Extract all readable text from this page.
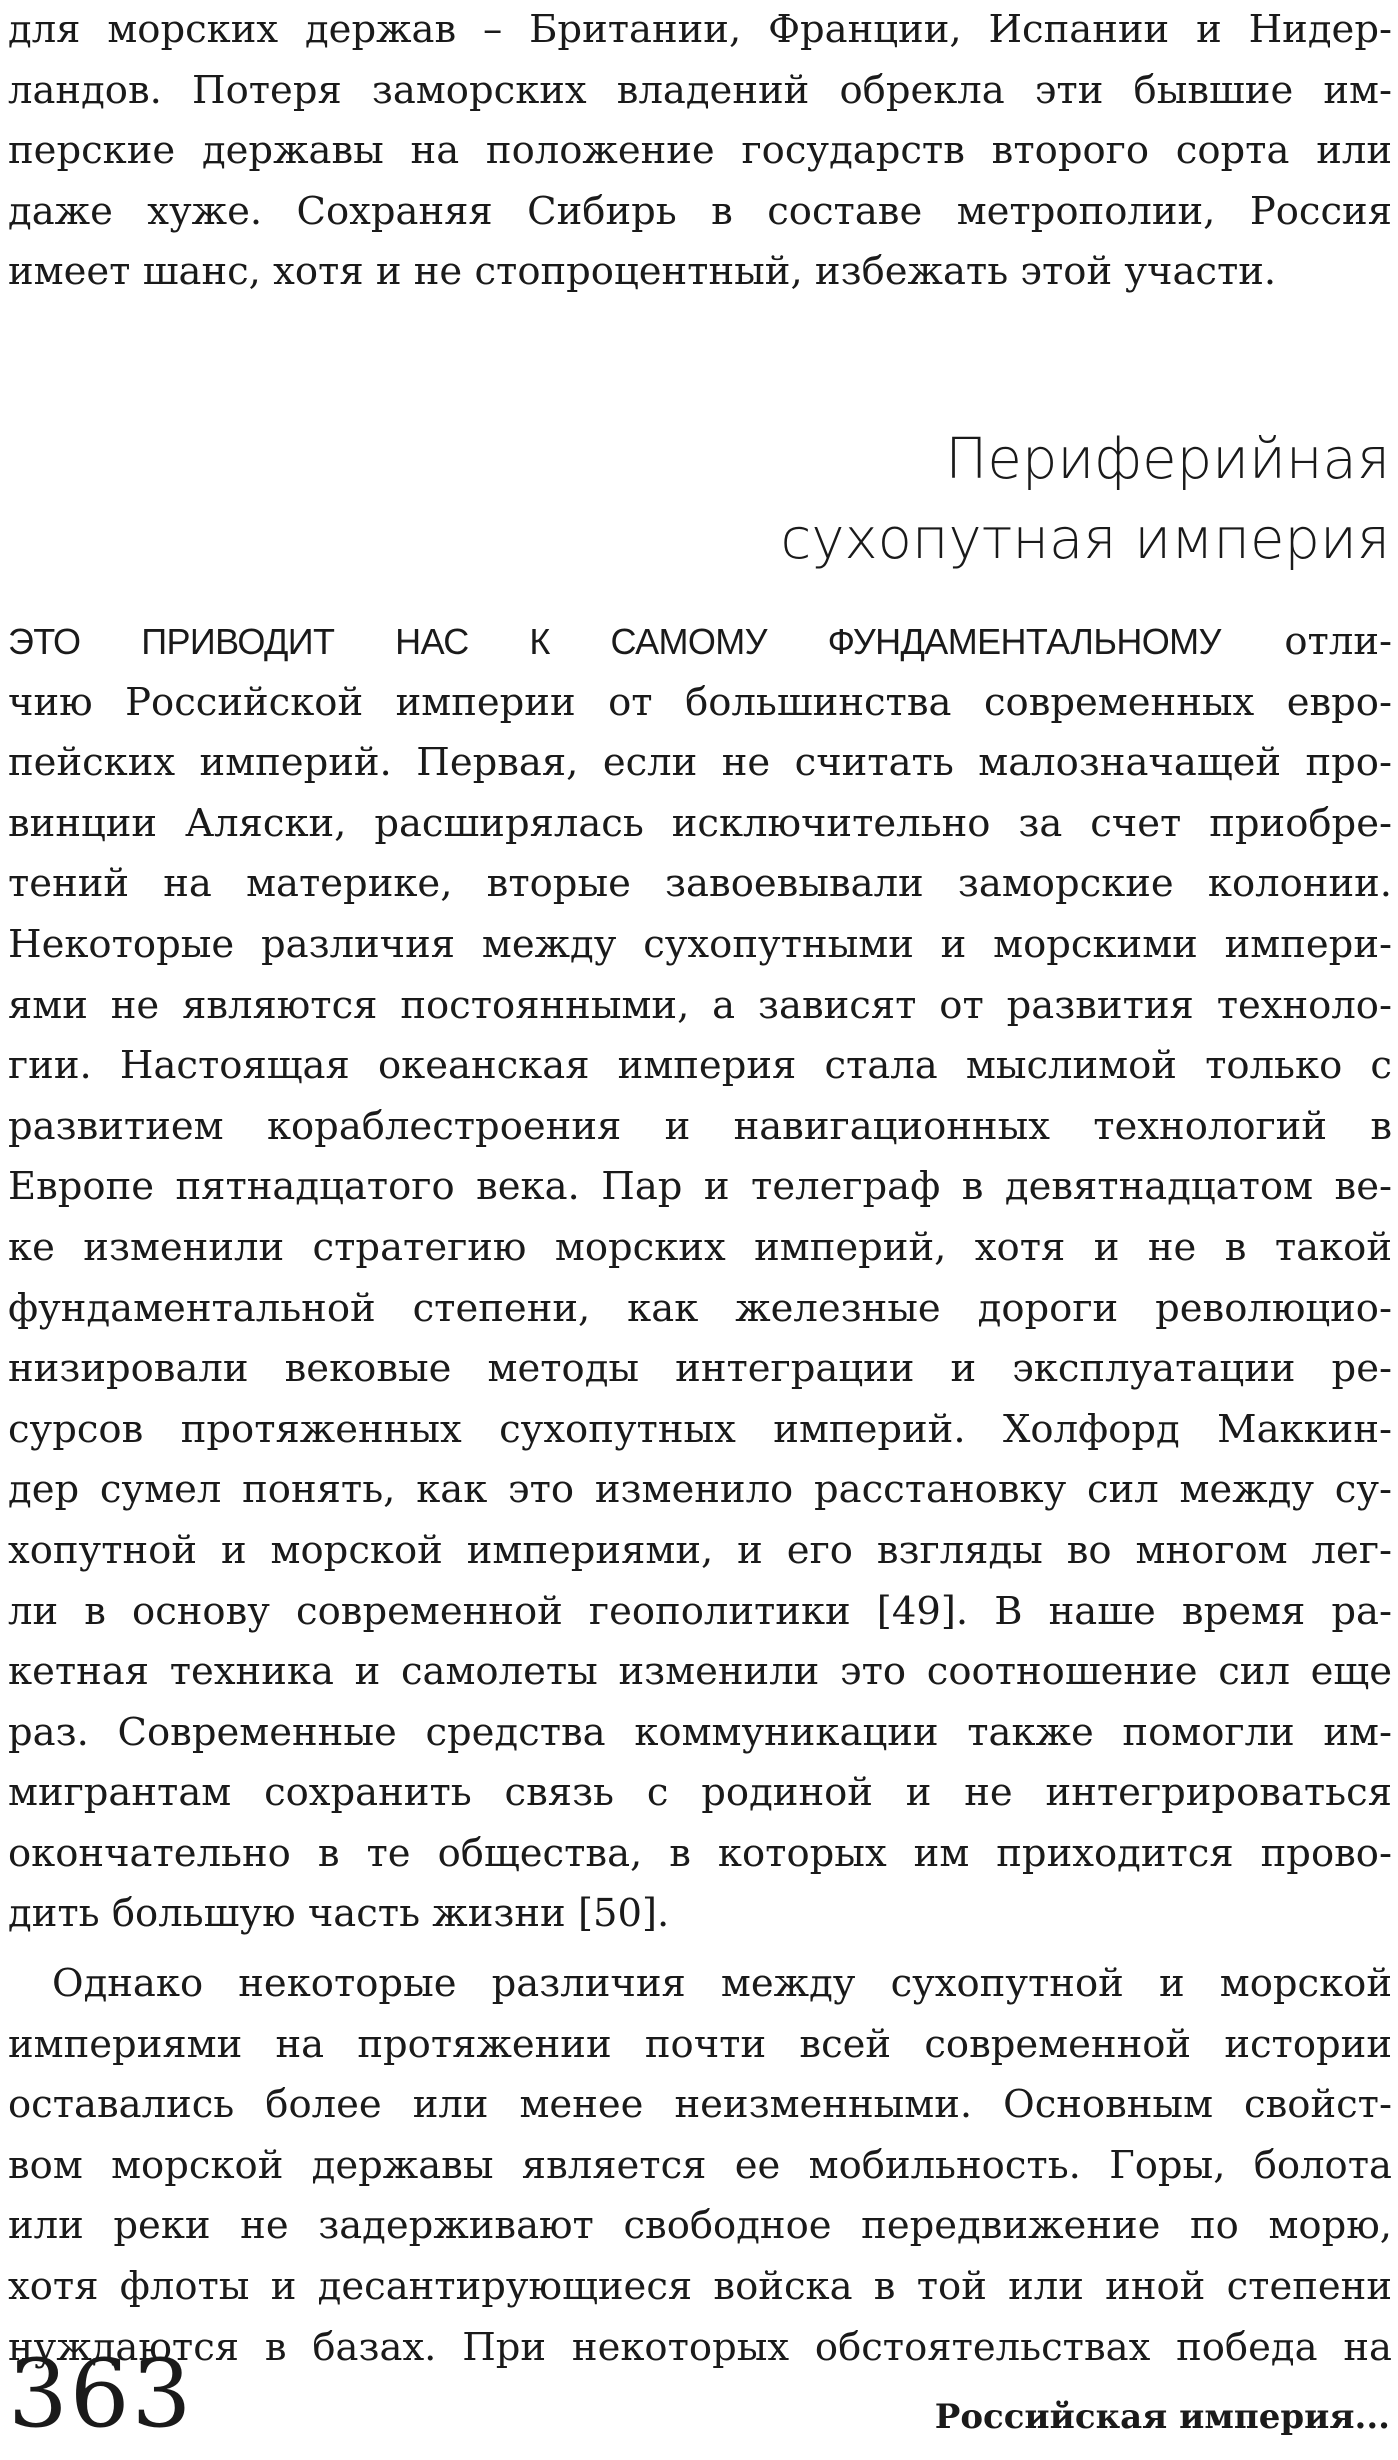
для морских держав – Британии, Франции, Испании и Нидер-
ландов. Потеря заморских владений обрекла эти бывшие им-
перские державы на положение государств второго сорта или
даже хуже. Сохраняя Сибирь в составе метрополии, Россия
имеет шанс, хотя и не стопроцентный, избежать этой участи.
Периферийная
сухопутная империя
ЭТО ПРИВОДИТ НАС К САМОМУ ФУНДАМЕНТАЛЬНОМУ отли-
чию Российской империи от большинства современных евро-
пейских империй. Первая, если не считать малозначащей про-
винции Аляски, расширялась исключительно за счет приобре-
тений на материке, вторые завоевывали заморские колонии.
Некоторые различия между сухопутными и морскими импери-
ями не являются постоянными, а зависят от развития техноло-
гии. Настоящая океанская империя стала мыслимой только с
развитием кораблестроения и навигационных технологий в
Европе пятнадцатого века. Пар и телеграф в девятнадцатом ве-
ке изменили стратегию морских империй, хотя и не в такой
фундаментальной степени, как железные дороги революцио-
низировали вековые методы интеграции и эксплуатации ре-
сурсов протяженных сухопутных империй. Холфорд Маккин-
дер сумел понять, как это изменило расстановку сил между су-
хопутной и морской империями, и его взгляды во многом лег-
ли в основу современной геополитики [49]. В наше время ра-
кетная техника и самолеты изменили это соотношение сил еще
раз. Современные средства коммуникации также помогли им-
мигрантам сохранить связь с родиной и не интегрироваться
окончательно в те общества, в которых им приходится прово-
дить большую часть жизни [50].
Однако некоторые различия между сухопутной и морской
империями на протяжении почти всей современной истории
оставались более или менее неизменными. Основным свойст-
вом морской державы является ее мобильность. Горы, болота
или реки не задерживают свободное передвижение по морю,
хотя флоты и десантирующиеся войска в той или иной степени
нуждаются в базах. При некоторых обстоятельствах победа на
363	Российская империя...
